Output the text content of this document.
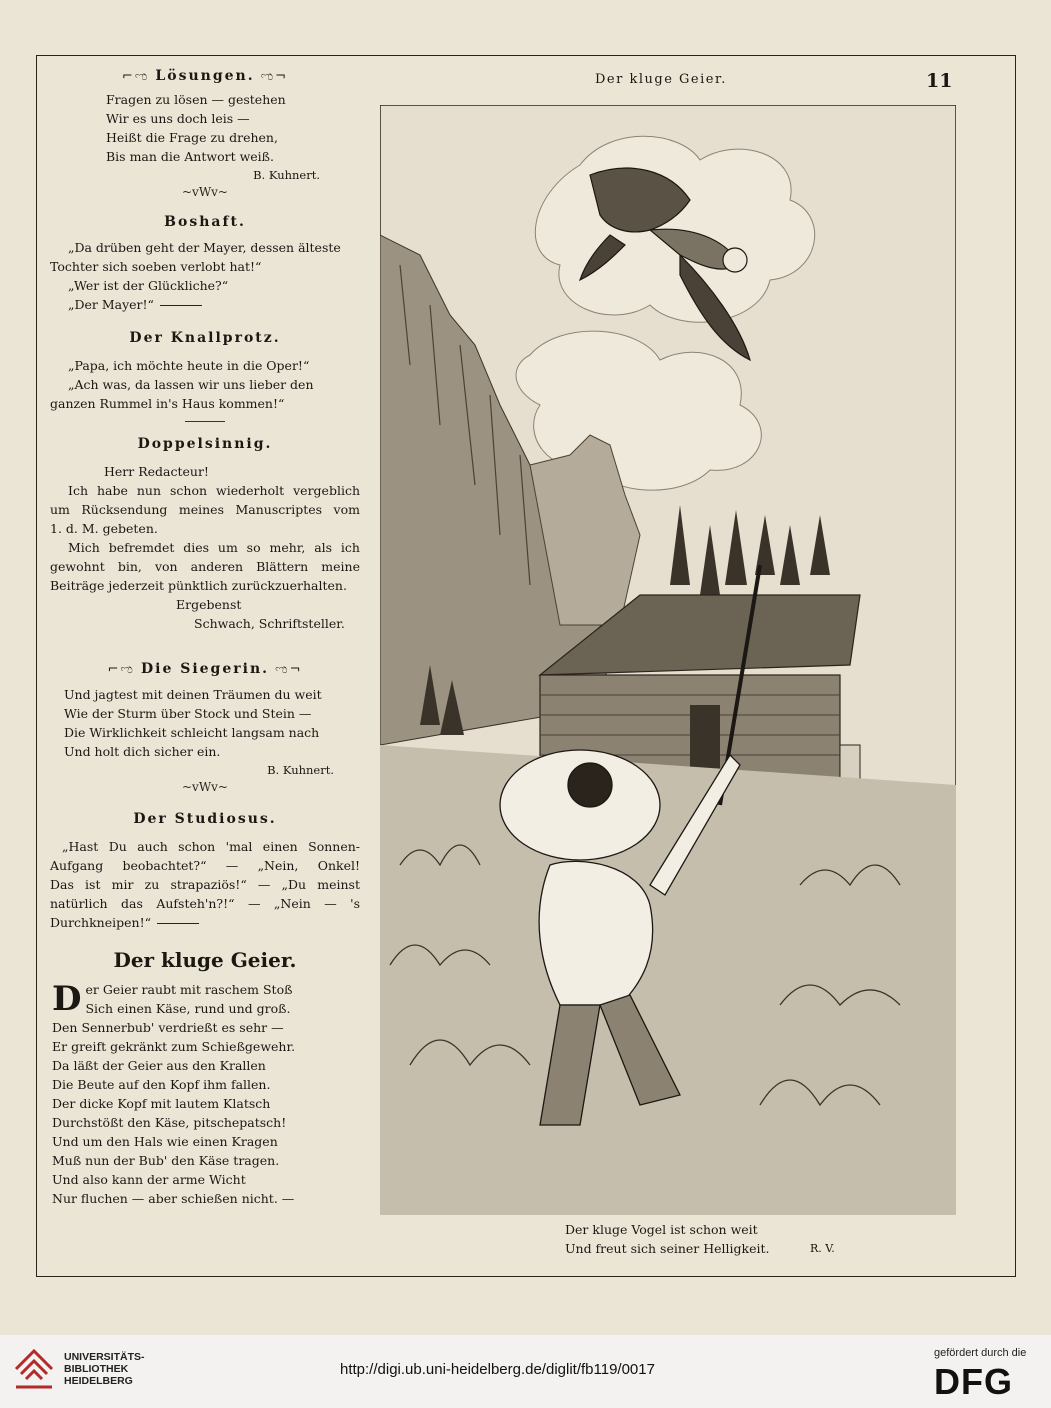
11

⌐ಌ Lösungen. ಌ¬

Fragen zu lösen — gestehen

Wir es uns doch leis —

Heißt die Frage zu drehen,

Bis man die Antwort weiß.

B. Kuhnert.

~vWv~

Boshaft.

„Da drüben geht der Mayer, dessen älteste

Tochter sich soeben verlobt hat!“

„Wer ist der Glückliche?“

„Der Mayer!“

Der Knallprotz.

„Papa, ich möchte heute in die Oper!“

„Ach was, da lassen wir uns lieber den

ganzen Rummel in's Haus kommen!“

Doppelsinnig.

Herr Redacteur!

Ich habe nun schon wiederholt vergeblich

um Rücksendung meines Manuscriptes vom

1. d. M. gebeten.

Mich befremdet dies um so mehr, als ich

gewohnt bin, von anderen Blättern meine

Beiträge jederzeit pünktlich zurückzuerhalten.

Ergebenst

Schwach, Schriftsteller.

⌐ಌ Die Siegerin. ಌ¬

Und jagtest mit deinen Träumen du weit

Wie der Sturm über Stock und Stein —

Die Wirklichkeit schleicht langsam nach

Und holt dich sicher ein.

B. Kuhnert.

~vWv~

Der Studiosus.

„Hast Du auch schon 'mal einen Sonnen-

Aufgang beobachtet?“ — „Nein, Onkel!

Das ist mir zu strapaziös!“ — „Du meinst

natürlich das Aufsteh'n?!“ — „Nein — 's

Durchkneipen!“

Der kluge Geier.

D er Geier raubt mit raschem Stoß

Sich einen Käse, rund und groß.

Den Sennerbub' verdrießt es sehr —

Er greift gekränkt zum Schießgewehr.

Da läßt der Geier aus den Krallen

Die Beute auf den Kopf ihm fallen.

Der dicke Kopf mit lautem Klatsch

Durchstößt den Käse, pitschepatsch!

Und um den Hals wie einen Kragen

Muß nun der Bub' den Käse tragen.

Und also kann der arme Wicht

Nur fluchen — aber schießen nicht. —

Der kluge Geier.

Der kluge Vogel ist schon weit

Und freut sich seiner Helligkeit.	R. V.
UNIVERSITÄTS-
BIBLIOTHEK
HEIDELBERG
http://digi.ub.uni-heidelberg.de/diglit/fb119/0017
gefördert durch die
DFG
